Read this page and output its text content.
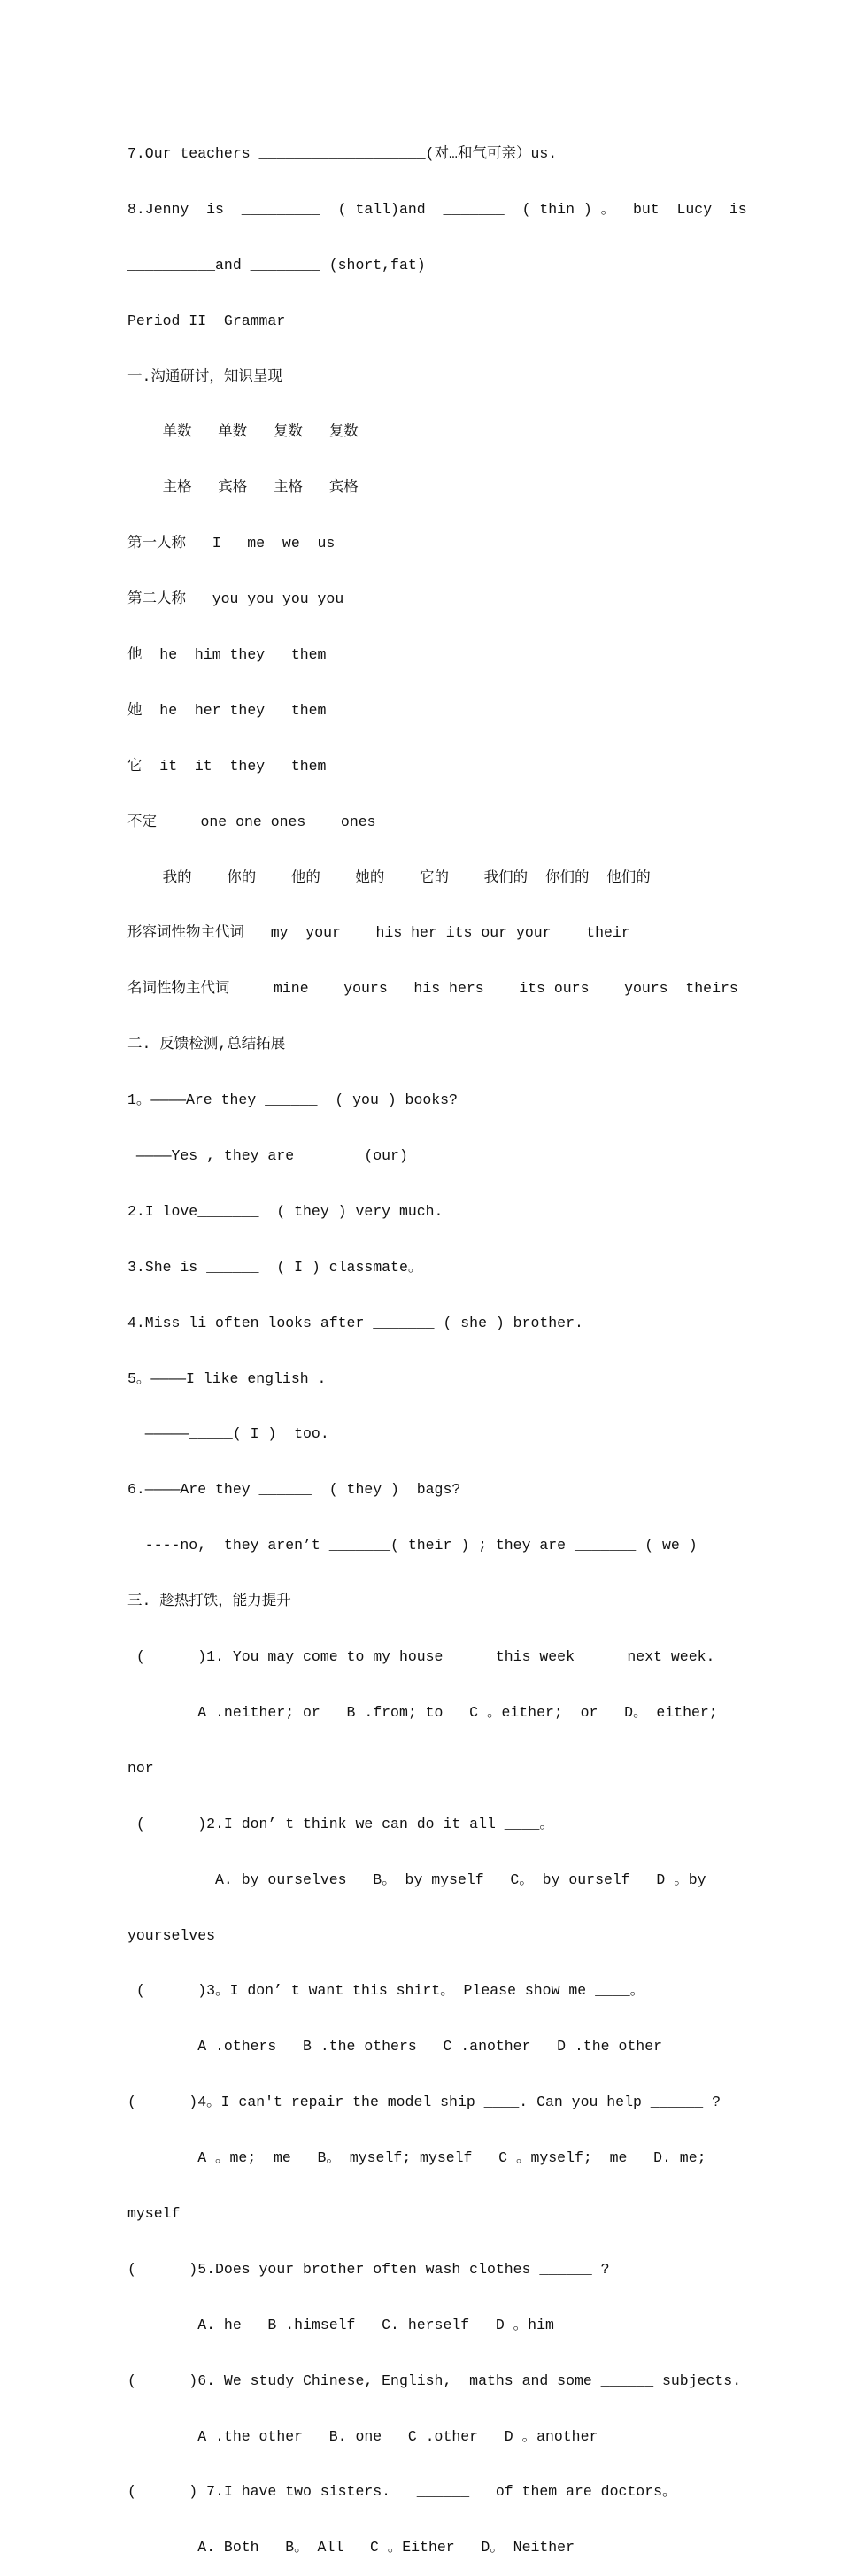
7.Our teachers ___________________(对…和气可亲）us.

8.Jenny  is  _________  ( tall)and  _______  ( thin ) 。  but  Lucy  is

__________and ________ (short,fat)

Period II  Grammar

一.沟通研讨，知识呈现

单数   单数   复数   复数

主格   宾格   主格   宾格

第一人称   I   me  we  us

第二人称   you you you you

他  he  him they   them

她  he  her they   them

它  it  it  they   them

不定     one one ones    ones

我的    你的    他的    她的    它的    我们的  你们的  他们的

形容词性物主代词   my  your    his her its our your    their

名词性物主代词     mine    yours   his hers    its ours    yours  theirs

二. 反馈检测,总结拓展

1。————Are they ______  ( you ) books?

————Yes , they are ______ (our)

2.I love_______  ( they ) very much.

3.She is ______  ( I ) classmate。

4.Miss li often looks after _______ ( she ) brother.

5。————I like english .

—————_____( I )  too.

6.————Are they ______  ( they )  bags?

----no,  they aren’t _______( their ) ; they are _______ ( we )

三. 趁热打铁，能力提升

(      )1. You may come to my house ____ this week ____ next week.

A .neither; or   B .from; to   C 。either;  or   D。 either;

nor

(      )2.I don’ t think we can do it all ____。

A. by ourselves   B。 by myself   C。 by ourself   D 。by

yourselves

(      )3。I don’ t want this shirt。 Please show me ____。

A .others   B .the others   C .another   D .the other

(      )4。I can't repair the model ship ____. Can you help ______ ?

A 。me;  me   B。 myself; myself   C 。myself;  me   D. me;

myself

(      )5.Does your brother often wash clothes ______ ?

A. he   B .himself   C. herself   D 。him

(      )6. We study Chinese, English,  maths and some ______ subjects.

A .the other   B. one   C .other   D 。another

(      ) 7.I have two sisters.   ______   of them are doctors。

A. Both   B。 All   C 。Either   D。 Neither
